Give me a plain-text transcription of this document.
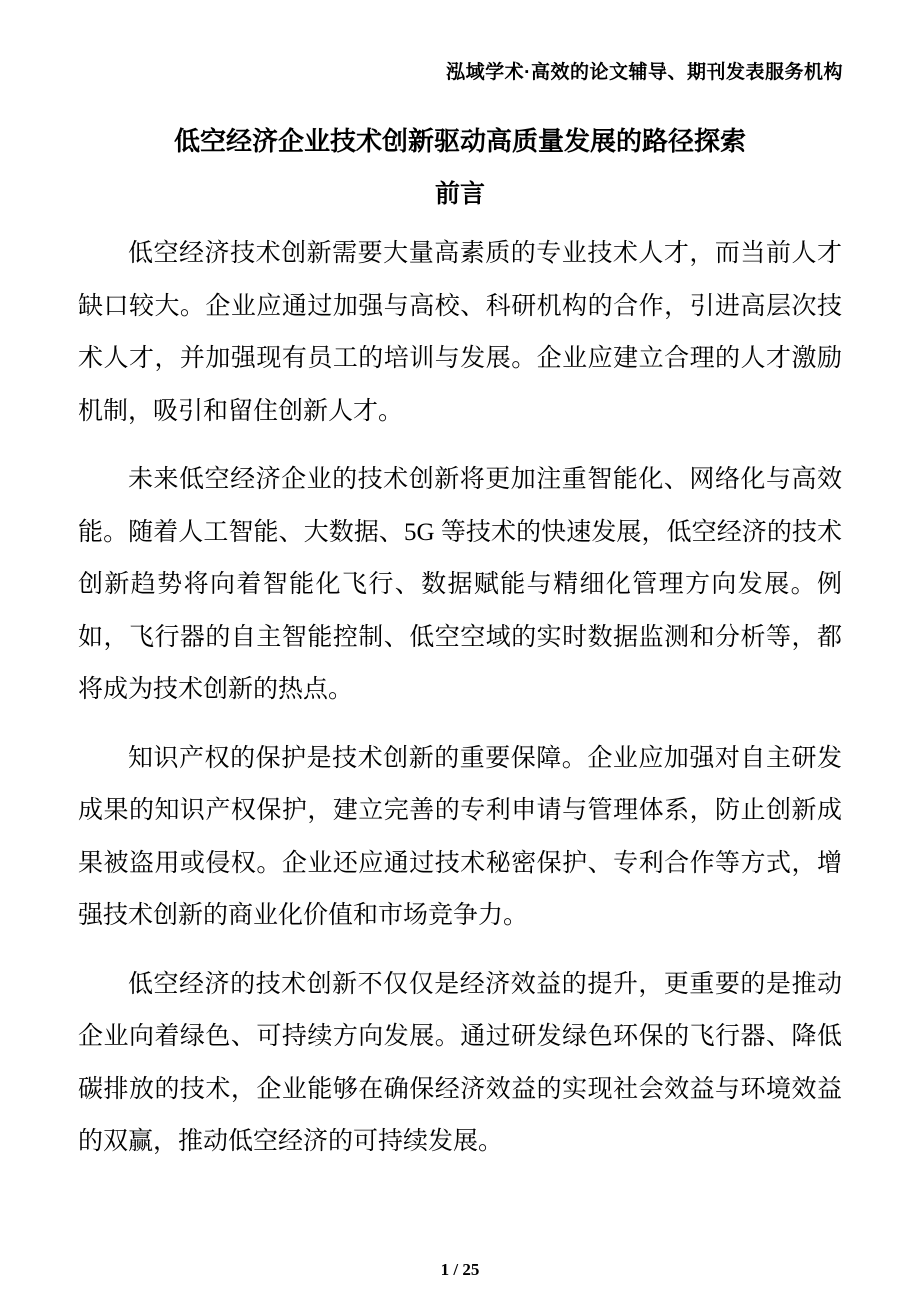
泓域学术·高效的论文辅导、期刊发表服务机构
低空经济企业技术创新驱动高质量发展的路径探索
前言

低空经济技术创新需要大量高素质的专业技术人才，而当前人才缺口较大。企业应通过加强与高校、科研机构的合作，引进高层次技术人才，并加强现有员工的培训与发展。企业应建立合理的人才激励机制，吸引和留住创新人才。

未来低空经济企业的技术创新将更加注重智能化、网络化与高效能。随着人工智能、大数据、5G 等技术的快速发展，低空经济的技术创新趋势将向着智能化飞行、数据赋能与精细化管理方向发展。例如，飞行器的自主智能控制、低空空域的实时数据监测和分析等，都将成为技术创新的热点。

知识产权的保护是技术创新的重要保障。企业应加强对自主研发成果的知识产权保护，建立完善的专利申请与管理体系，防止创新成果被盗用或侵权。企业还应通过技术秘密保护、专利合作等方式，增强技术创新的商业化价值和市场竞争力。

低空经济的技术创新不仅仅是经济效益的提升，更重要的是推动企业向着绿色、可持续方向发展。通过研发绿色环保的飞行器、降低碳排放的技术，企业能够在确保经济效益的实现社会效益与环境效益的双赢，推动低空经济的可持续发展。

1 / 25
